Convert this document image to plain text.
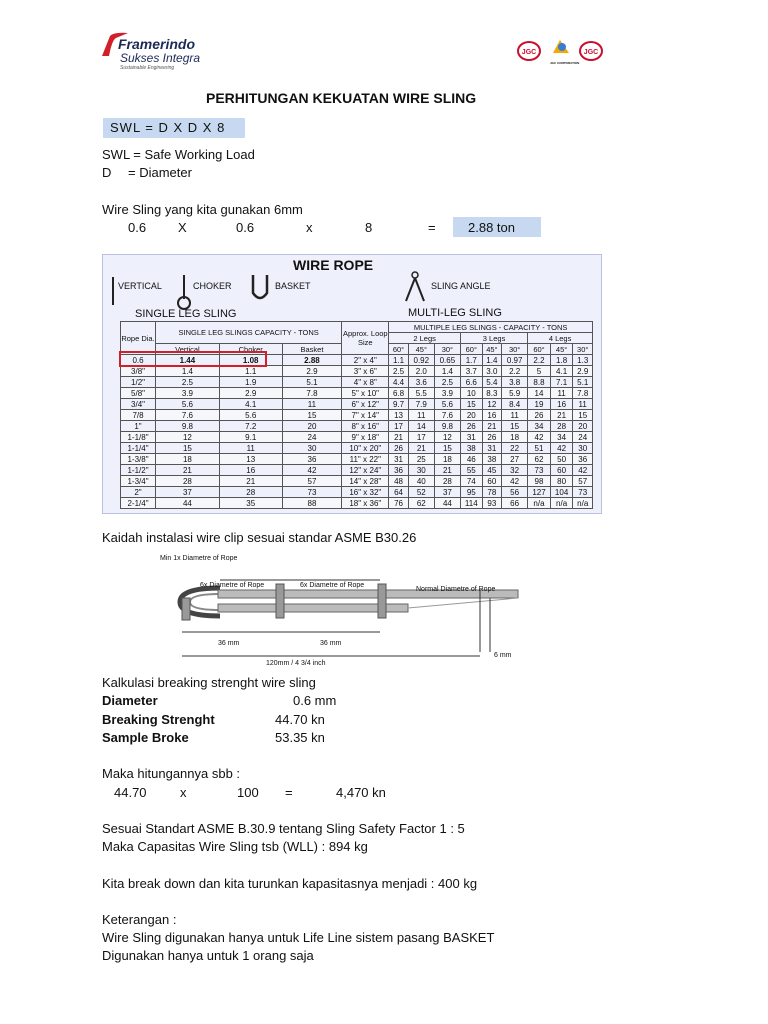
Framerindo
Sukses Integra
Sustainable Engineering
JGC
JGC CORPORATION
JGC
PERHITUNGAN KEKUATAN WIRE SLING
SWL = D X D X 8
SWL = Safe Working Load
D = Diameter
Wire Sling yang kita gunakan 6mm
0.6 X	0.6	x	8	= 2.88 ton
WIRE ROPE
VERTICAL	CHOKER	BASKET	SLING ANGLE
SINGLE LEG SLING	MULTI-LEG SLING
Rope Dia.	SINGLE LEG SLINGS CAPACITY - TONS			Approx. Loop Size	MULTIPLE LEG SLINGS - CAPACITY - TONS								
					2 Legs			3 Legs			4 Legs		
	Vertical	Choker	Basket		60°	45°	30°	60°	45°	30°	60°	45°	30°
0.6	1.44	1.08	2.88	2" x 4"	1.1	0.92	0.65	1.7	1.4	0.97	2.2	1.8	1.3
3/8"	1.4	1.1	2.9	3" x 6"	2.5	2.0	1.4	3.7	3.0	2.2	5	4.1	2.9
1/2"	2.5	1.9	5.1	4" x 8"	4.4	3.6	2.5	6.6	5.4	3.8	8.8	7.1	5.1
5/8"	3.9	2.9	7.8	5" x 10"	6.8	5.5	3.9	10	8.3	5.9	14	11	7.8
3/4"	5.6	4.1	11	6" x 12"	9.7	7.9	5.6	15	12	8.4	19	16	11
7/8	7.6	5.6	15	7" x 14"	13	11	7.6	20	16	11	26	21	15
1"	9.8	7.2	20	8" x 16"	17	14	9.8	26	21	15	34	28	20
1-1/8"	12	9.1	24	9" x 18"	21	17	12	31	26	18	42	34	24
1-1/4"	15	11	30	10" x 20"	26	21	15	38	31	22	51	42	30
1-3/8"	18	13	36	11" x 22"	31	25	18	46	38	27	62	50	36
1-1/2"	21	16	42	12" x 24"	36	30	21	55	45	32	73	60	42
1-3/4"	28	21	57	14" x 28"	48	40	28	74	60	42	98	80	57
2"	37	28	73	16" x 32"	64	52	37	95	78	56	127	104	73
2-1/4"	44	35	88	18" x 36"	76	62	44	114	93	66	n/a	n/a	n/a
Kaidah instalasi wire clip sesuai standar ASME B30.26
Min 1x Diametre of Rope
6x Diametre of Rope	6x Diametre of Rope
Normal Diametre of Rope
36 mm	36 mm
120mm / 4 3/4 inch
6 mm
Kalkulasi breaking strenght wire sling
Diameter	0.6 mm
Breaking Strenght	44.70 kn
Sample Broke	53.35 kn
Maka hitungannya sbb :
44.70	x	100 =	4,470 kn
Sesuai Standart ASME B.30.9 tentang Sling Safety Factor 1 : 5
Maka Capasitas Wire Sling tsb (WLL) : 894 kg
Kita break down dan kita turunkan kapasitasnya menjadi : 400 kg
Keterangan :
Wire Sling digunakan hanya untuk Life Line sistem pasang BASKET
Digunakan hanya untuk 1 orang saja
